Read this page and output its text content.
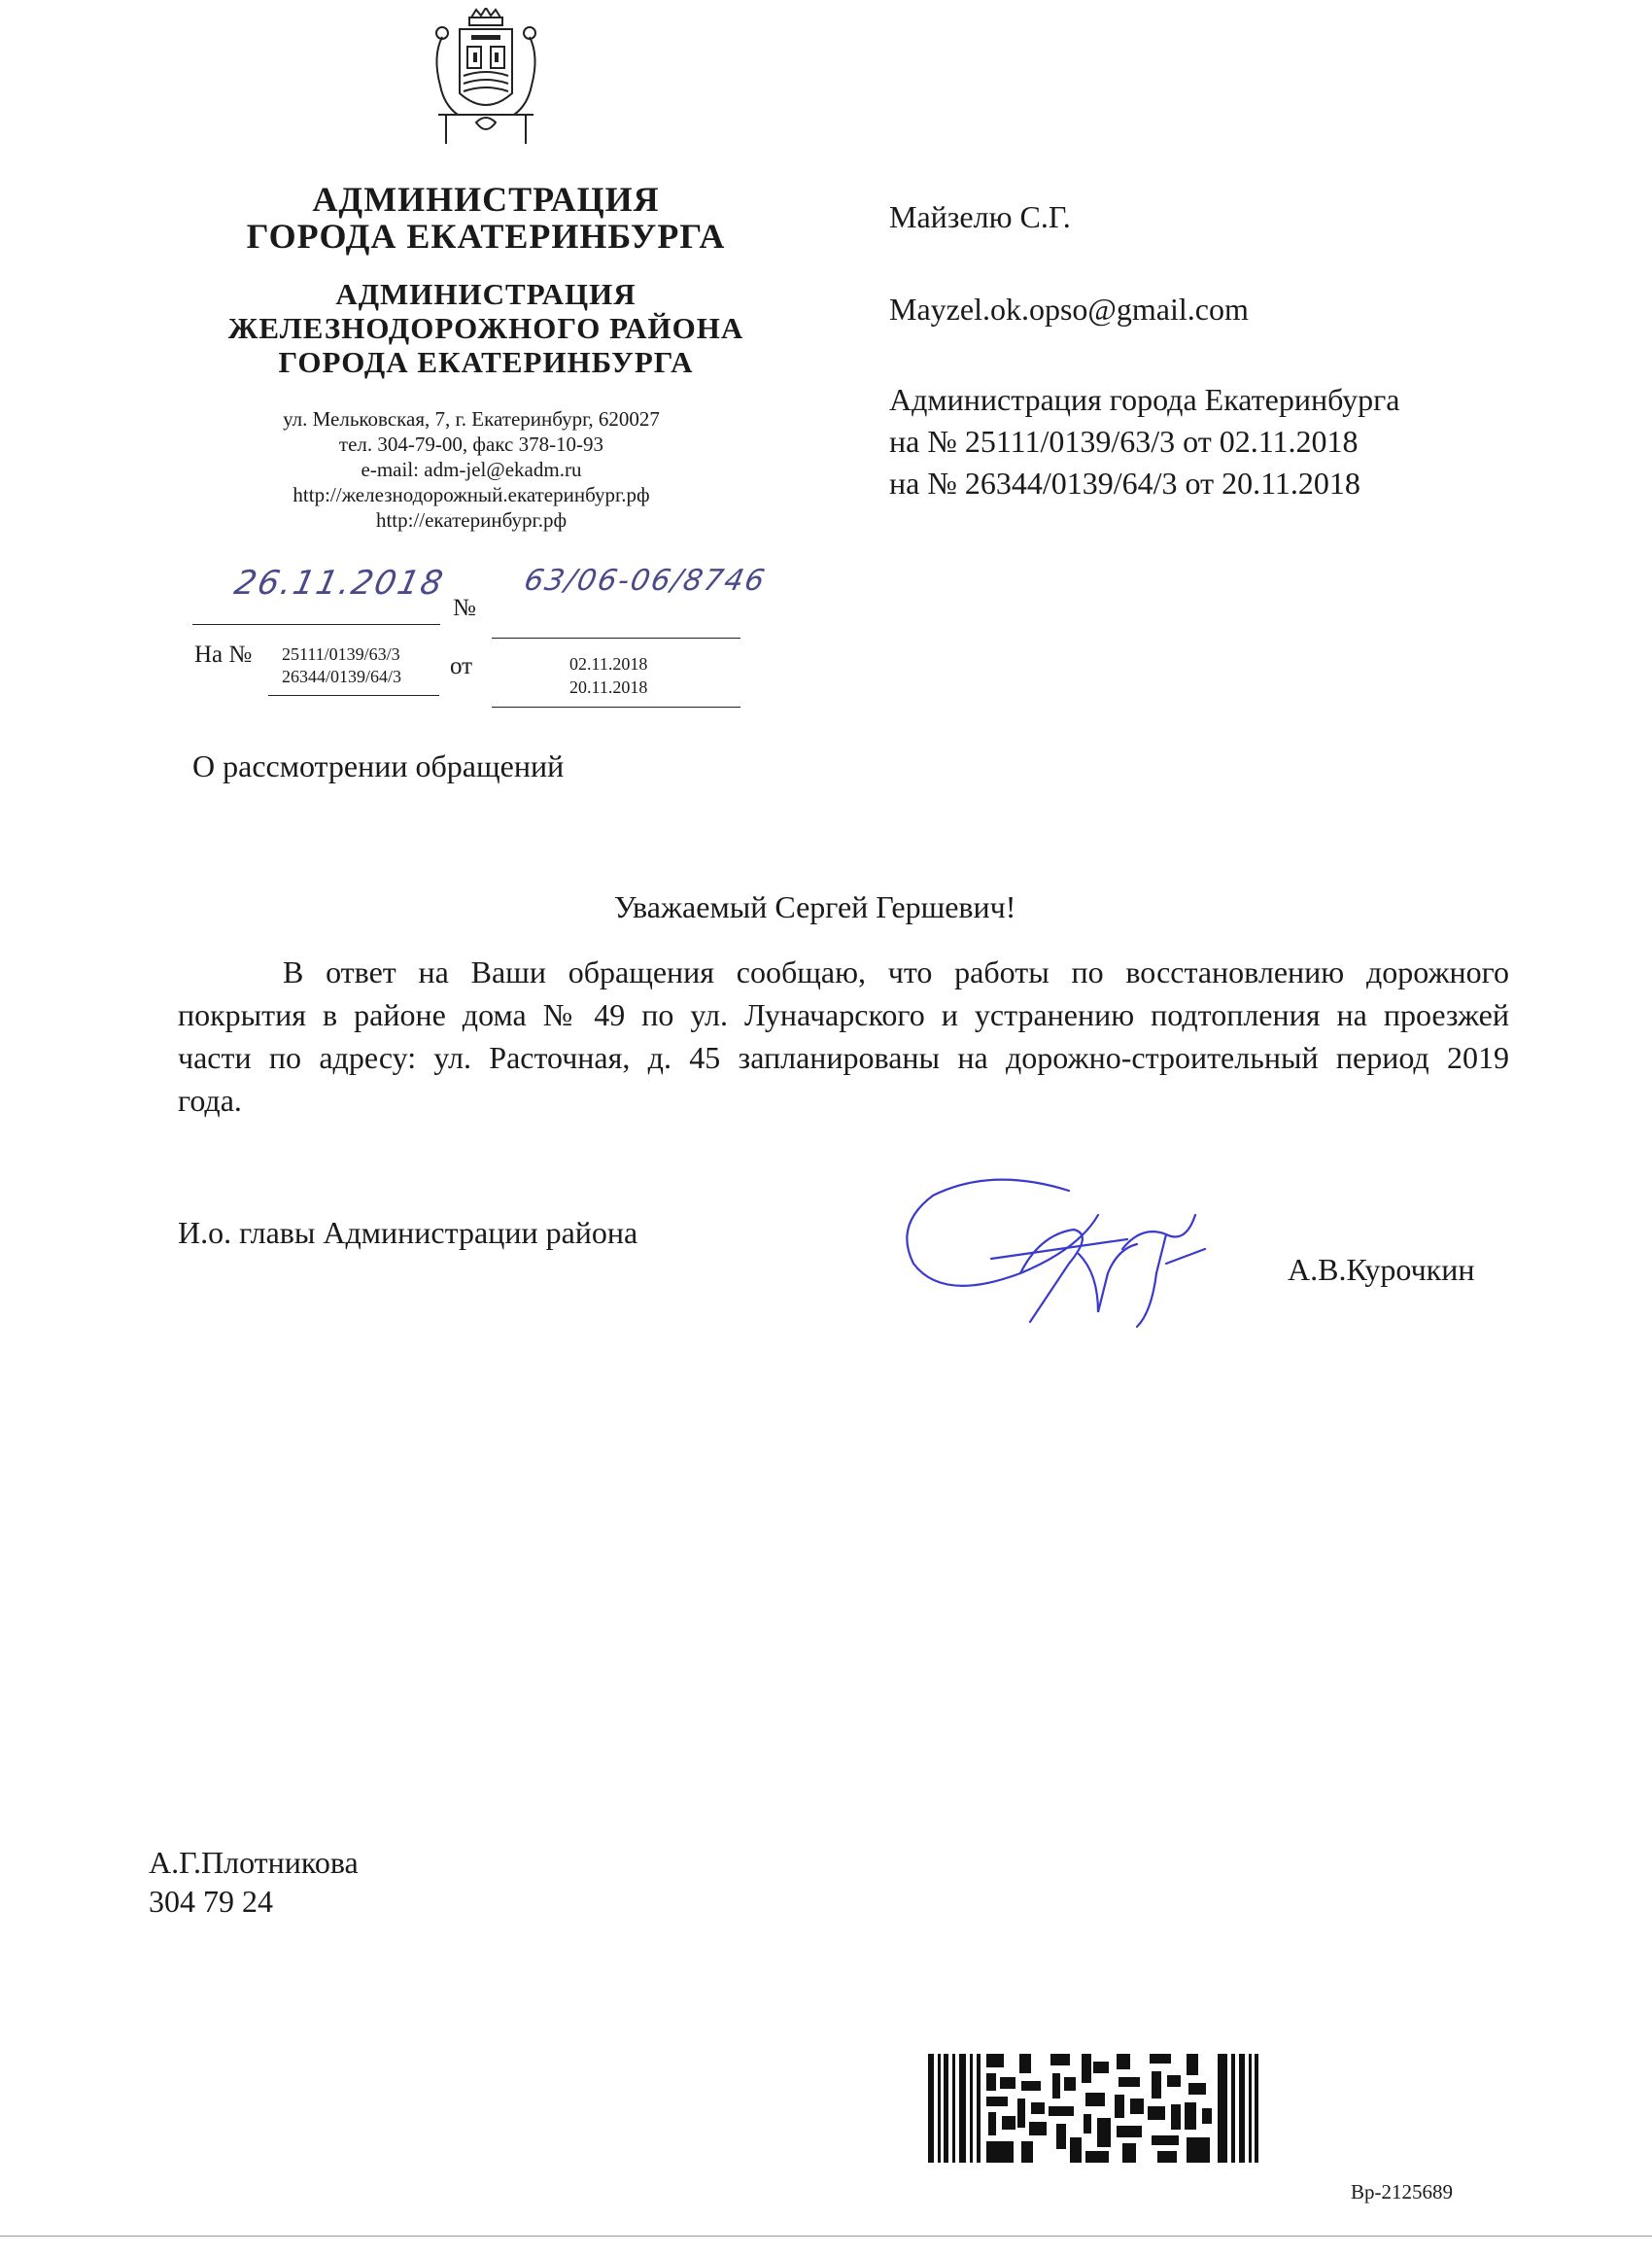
АДМИНИСТРАЦИЯ
ГОРОДА ЕКАТЕРИНБУРГА
АДМИНИСТРАЦИЯ
ЖЕЛЕЗНОДОРОЖНОГО РАЙОНА
ГОРОДА ЕКАТЕРИНБУРГА
ул. Мельковская, 7, г. Екатеринбург, 620027
тел. 304-79-00, факс 378-10-93
e-mail: adm-jel@ekadm.ru
http://железнодорожный.екатеринбург.рф
http://екатеринбург.рф
26.11.2018
№
63/06-06/8746
На № 25111/0139/63/3
26344/0139/64/3 от	02.11.2018
20.11.2018
Майзелю С.Г.
Mayzel.ok.opso@gmail.com
Администрация города Екатеринбурга
на № 25111/0139/63/3 от 02.11.2018
на № 26344/0139/64/3 от 20.11.2018
О рассмотрении обращений
Уважаемый Сергей Гершевич!
В ответ на Ваши обращения сообщаю, что работы по восстановлению дорожного покрытия в районе дома № 49 по ул. Луначарского и устранению подтопления на проезжей части по адресу: ул. Расточная, д. 45 запланированы на дорожно-строительный период 2019 года.
И.о. главы Администрации района
А.В.Курочкин
А.Г.Плотникова
304 79 24
Вр-2125689
